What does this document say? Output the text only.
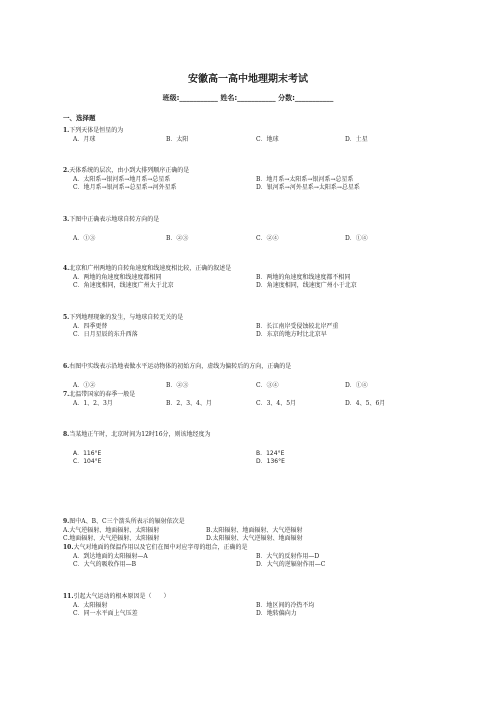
安徽高一高中地理期末考试
班级:___________ 姓名:___________ 分数:___________
一、选择题
1.下列天体是恒星的为
A．月球	B．太阳	C．地球	D．土星
2.天体系统的层次，由小到大排列顺序正确的是
A．太阳系→银河系→地月系→总星系	B．地月系→太阳系→银河系→总星系
C．地月系→银河系→总星系→河外星系	D．银河系→河外星系→太阳系→总星系
3.下图中正确表示地球自转方向的是
A．①③	B．②③	C．②④	D．①④
4.北京和广州两地的自转角速度和线速度相比较，正确的叙述是
A．两地的角速度和线速度都相同	B．两地的角速度和线速度都不相同
C．角速度相同，线速度广州大于北京	D．角速度相同，线速度广州小于北京
5.下列地理现象的发生，与地球自转无关的是
A．四季更替	B．长江南岸受侵蚀较北岸严重
C．日月星辰的东升西落	D．东京的地方时比北京早
6.右图中实线表示沿地表做水平运动物体的初始方向，虚线为偏转后的方向，正确的是
A．①②	B．②③	C．③④	D．①④
7.北温带国家的春季一般是
A．1、2、3月	B．2、3、4、月	C．3、4、5月	D．4、5、6月
8.当某地正午时，北京时间为12时16分，则该地经度为
A．116°E	B．124°E
C．104°E	D．136°E
9.图中A、B、C三个箭头所表示的辐射依次是
A.大气逆辐射、地面辐射、太阳辐射	B.太阳辐射、地面辐射、大气逆辐射
C.地面辐射、大气逆辐射、太阳辐射	D.太阳辐射、大气逆辐射、地面辐射
10.大气对地面的保温作用以及它们在图中对应字母的组合，正确的是
A．到达地面的太阳辐射—A	B．大气的反射作用—D
C．大气的吸收作用—B	D．大气的逆辐射作用—C
11.引起大气运动的根本原因是（　　）
A．太阳辐射	B．地区间的冷热不均
C．同一水平面上气压差	D．地转偏向力
